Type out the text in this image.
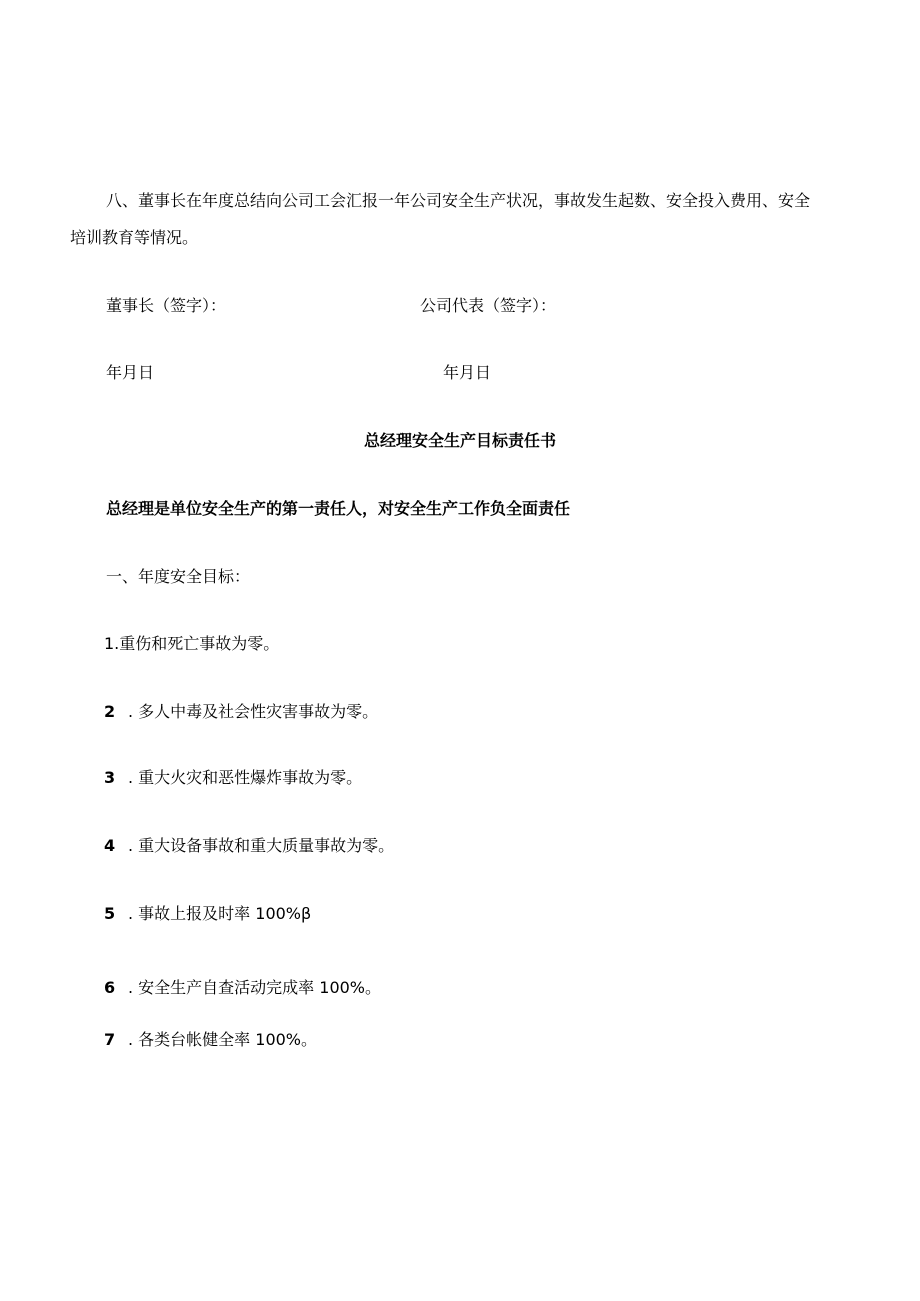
八、董事长在年度总结向公司工会汇报一年公司安全生产状况，事故发生起数、安全投入费用、安全
培训教育等情况。
董事长（签字）：	公司代表（签字）：
年月日	年月日
总经理安全生产目标责任书
总经理是单位安全生产的第一责任人，对安全生产工作负全面责任
一、年度安全目标：
1.重伤和死亡事故为零。
2 . 多人中毒及社会性灾害事故为零。
3 . 重大火灾和恶性爆炸事故为零。
4 . 重大设备事故和重大质量事故为零。
5 . 事故上报及时率 100%β
6 . 安全生产自查活动完成率 100%。
7 . 各类台帐健全率 100%。
